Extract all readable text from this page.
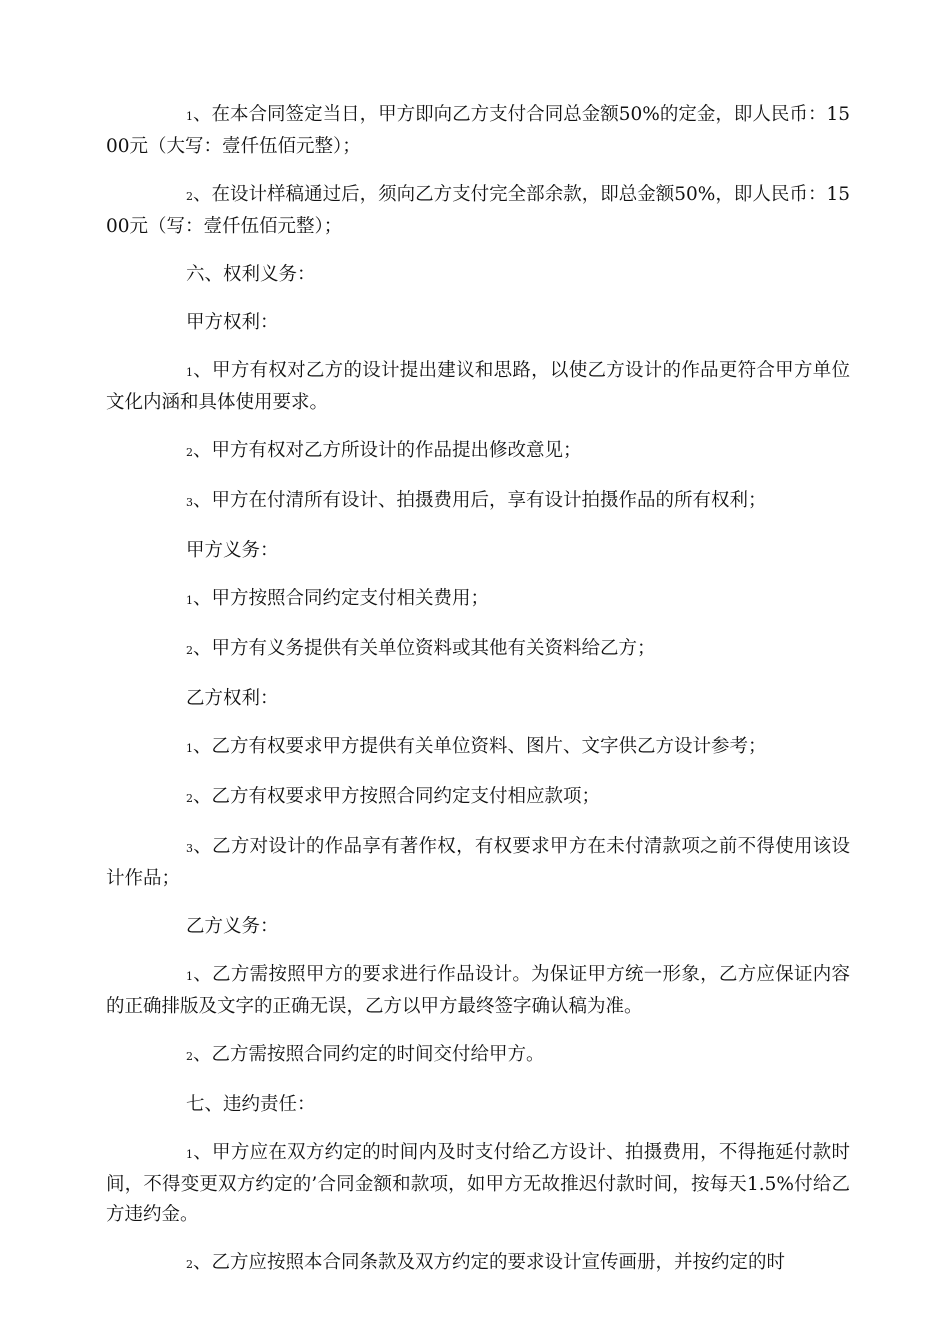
1、在本合同签定当日，甲方即向乙方支付合同总金额50%的定金，即人民币：1500元（大写：壹仟伍佰元整）；

2、在设计样稿通过后，须向乙方支付完全部余款，即总金额50%，即人民币：1500元（写：壹仟伍佰元整）；

六、权利义务：

甲方权利：

1、甲方有权对乙方的设计提出建议和思路，以使乙方设计的作品更符合甲方单位文化内涵和具体使用要求。

2、甲方有权对乙方所设计的作品提出修改意见；

3、甲方在付清所有设计、拍摄费用后，享有设计拍摄作品的所有权利；

甲方义务：

1、甲方按照合同约定支付相关费用；

2、甲方有义务提供有关单位资料或其他有关资料给乙方；

乙方权利：

1、乙方有权要求甲方提供有关单位资料、图片、文字供乙方设计参考；

2、乙方有权要求甲方按照合同约定支付相应款项；

3、乙方对设计的作品享有著作权，有权要求甲方在未付清款项之前不得使用该设计作品；

乙方义务：

1、乙方需按照甲方的要求进行作品设计。为保证甲方统一形象，乙方应保证内容的正确排版及文字的正确无误，乙方以甲方最终签字确认稿为准。

2、乙方需按照合同约定的时间交付给甲方。

七、违约责任：

1、甲方应在双方约定的时间内及时支付给乙方设计、拍摄费用，不得拖延付款时间，不得变更双方约定的’合同金额和款项，如甲方无故推迟付款时间，按每天1.5%付给乙方违约金。

2、乙方应按照本合同条款及双方约定的要求设计宣传画册，并按约定的时
